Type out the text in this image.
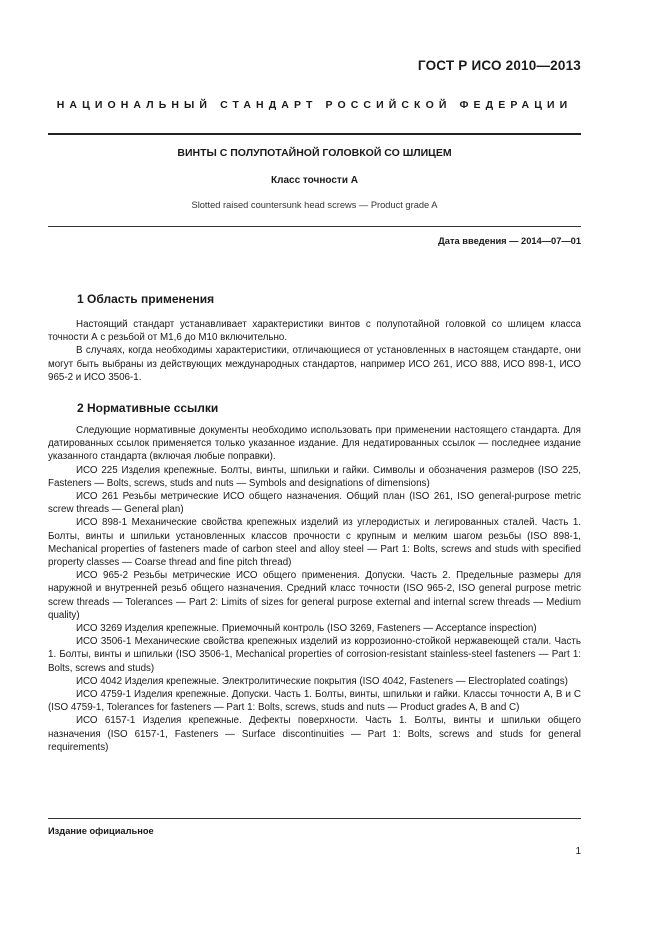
ГОСТ Р ИСО 2010—2013
НАЦИОНАЛЬНЫЙ СТАНДАРТ РОССИЙСКОЙ ФЕДЕРАЦИИ
ВИНТЫ С ПОЛУПОТАЙНОЙ ГОЛОВКОЙ СО ШЛИЦЕМ
Класс точности А
Slotted raised countersunk head screws — Product grade A
Дата введения — 2014—07—01
1 Область применения

Настоящий стандарт устанавливает характеристики винтов с полупотайной головкой со шлицем класса точности А с резьбой от М1,6 до М10 включительно.

В случаях, когда необходимы характеристики, отличающиеся от установленных в настоящем стандарте, они могут быть выбраны из действующих международных стандартов, например ИСО 261, ИСО 888, ИСО 898-1, ИСО 965-2 и ИСО 3506-1.

2 Нормативные ссылки

Следующие нормативные документы необходимо использовать при применении настоящего стандарта. Для датированных ссылок применяется только указанное издание. Для недатированных ссылок — последнее издание указанного стандарта (включая любые поправки).

ИСО 225 Изделия крепежные. Болты, винты, шпильки и гайки. Символы и обозначения размеров (ISO 225, Fasteners — Bolts, screws, studs and nuts — Symbols and designations of dimensions)

ИСО 261 Резьбы метрические ИСО общего назначения. Общий план (ISO 261, ISO general-purpose metric screw threads — General plan)

ИСО 898-1 Механические свойства крепежных изделий из углеродистых и легированных сталей. Часть 1. Болты, винты и шпильки установленных классов прочности с крупным и мелким шагом резьбы (ISO 898-1, Mechanical properties of fasteners made of carbon steel and alloy steel — Part 1: Bolts, screws and studs with specified property classes — Coarse thread and fine pitch thread)

ИСО 965-2 Резьбы метрические ИСО общего применения. Допуски. Часть 2. Предельные размеры для наружной и внутренней резьб общего назначения. Средний класс точности (ISO 965-2, ISO general purpose metric screw threads — Tolerances — Part 2: Limits of sizes for general purpose external and internal screw threads — Medium quality)

ИСО 3269 Изделия крепежные. Приемочный контроль (ISO 3269, Fasteners — Acceptance inspection)

ИСО 3506-1 Механические свойства крепежных изделий из коррозионно-стойкой нержавеющей стали. Часть 1. Болты, винты и шпильки (ISO 3506-1, Mechanical properties of corrosion-resistant stainless-steel fasteners — Part 1: Bolts, screws and studs)

ИСО 4042 Изделия крепежные. Электролитические покрытия (ISO 4042, Fasteners — Electroplated coatings)

ИСО 4759-1 Изделия крепежные. Допуски. Часть 1. Болты, винты, шпильки и гайки. Классы точности А, В и С (ISO 4759-1, Tolerances for fasteners — Part 1: Bolts, screws, studs and nuts — Product grades A, B and C)

ИСО 6157-1 Изделия крепежные. Дефекты поверхности. Часть 1. Болты, винты и шпильки общего назначения (ISO 6157-1, Fasteners — Surface discontinuities — Part 1: Bolts, screws and studs for general requirements)

Издание официальное
1
